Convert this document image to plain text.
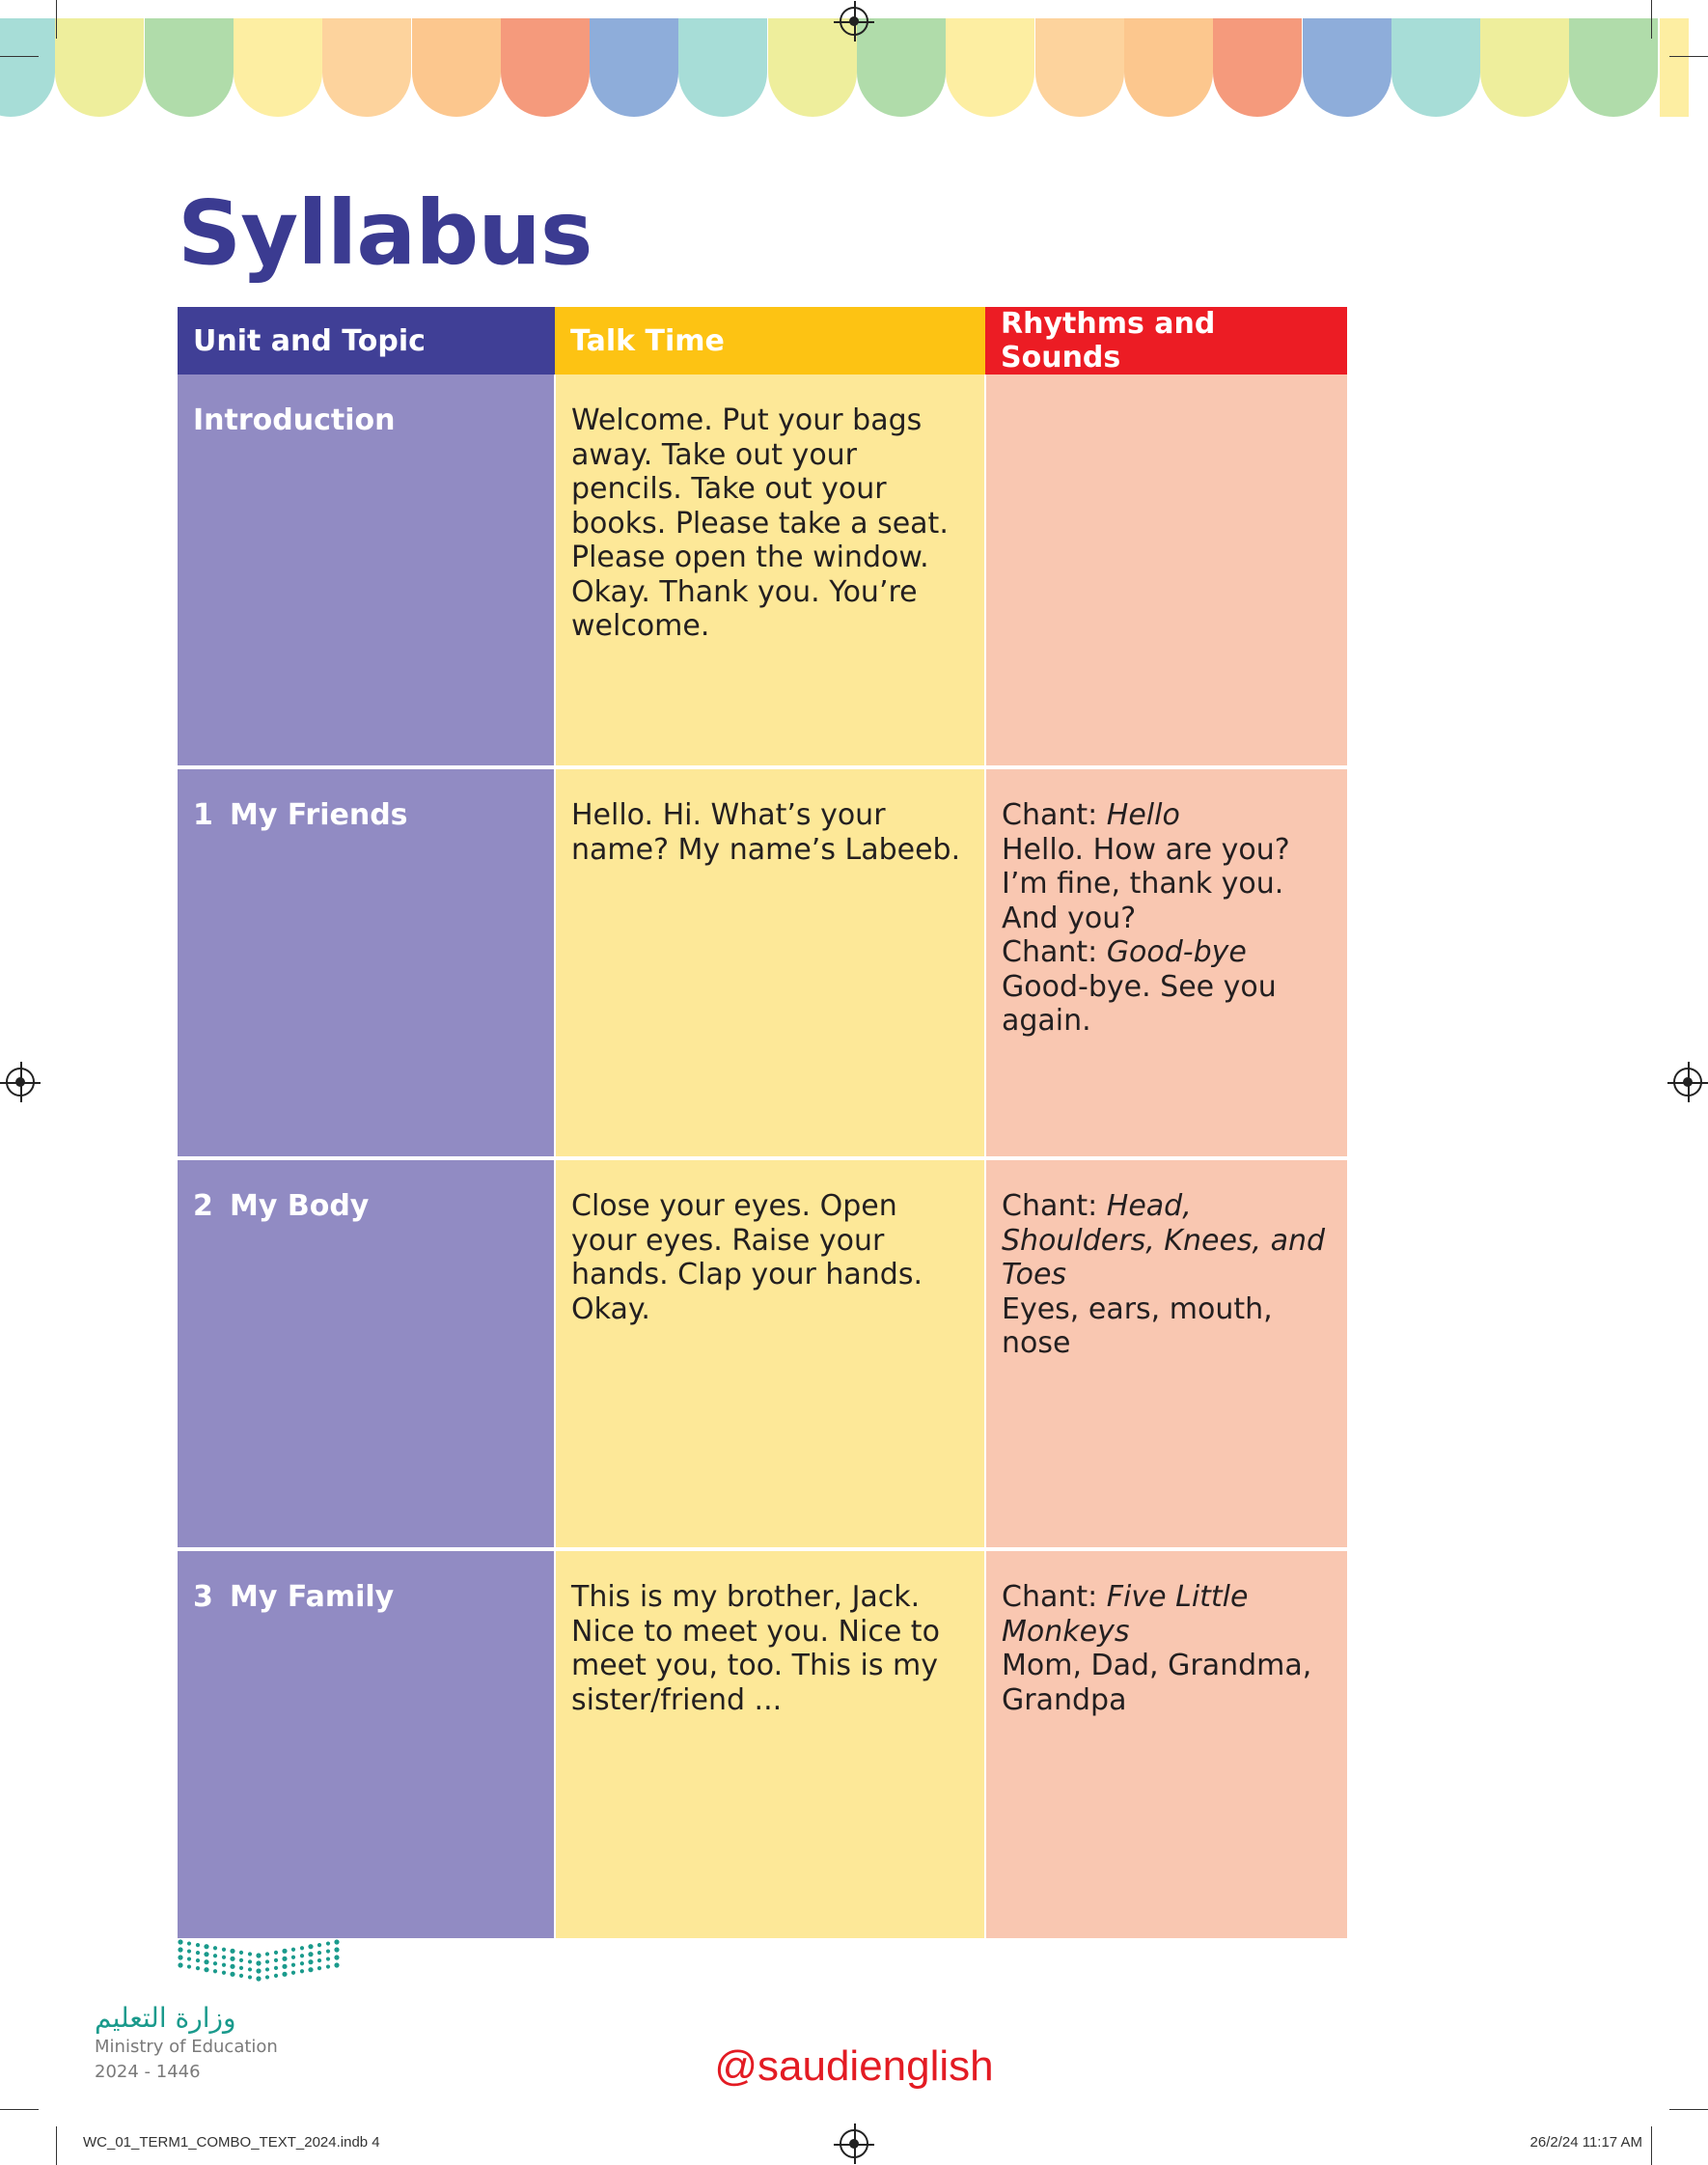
Syllabus
Unit and Topic	Talk Time	Rhythms and Sounds
Introduction	Welcome. Put your bags away. Take out your pencils. Take out your books. Please take a seat. Please open the window. Okay. Thank you. You’re welcome.	
1 My Friends	Hello. Hi. What’s your name? My name’s Labeeb.	Chant: Hello
Hello. How are you? I’m fine, thank you. And you?
Chant: Good-bye
Good-bye. See you again.

2 My Body	Close your eyes. Open your eyes. Raise your hands. Clap your hands. Okay.	Chant: Head, Shoulders, Knees, and Toes
Eyes, ears, mouth, nose

3 My Family	This is my brother, Jack. Nice to meet you. Nice to meet you, too. This is my sister/friend ...	Chant: Five Little Monkeys
Mom, Dad, Grandma, Grandpa
وزارة التعليم
Ministry of Education
2024 - 1446	@saudienglish
WC_01_TERM1_COMBO_TEXT_2024.indb 4	26/2/24 11:17 AM
